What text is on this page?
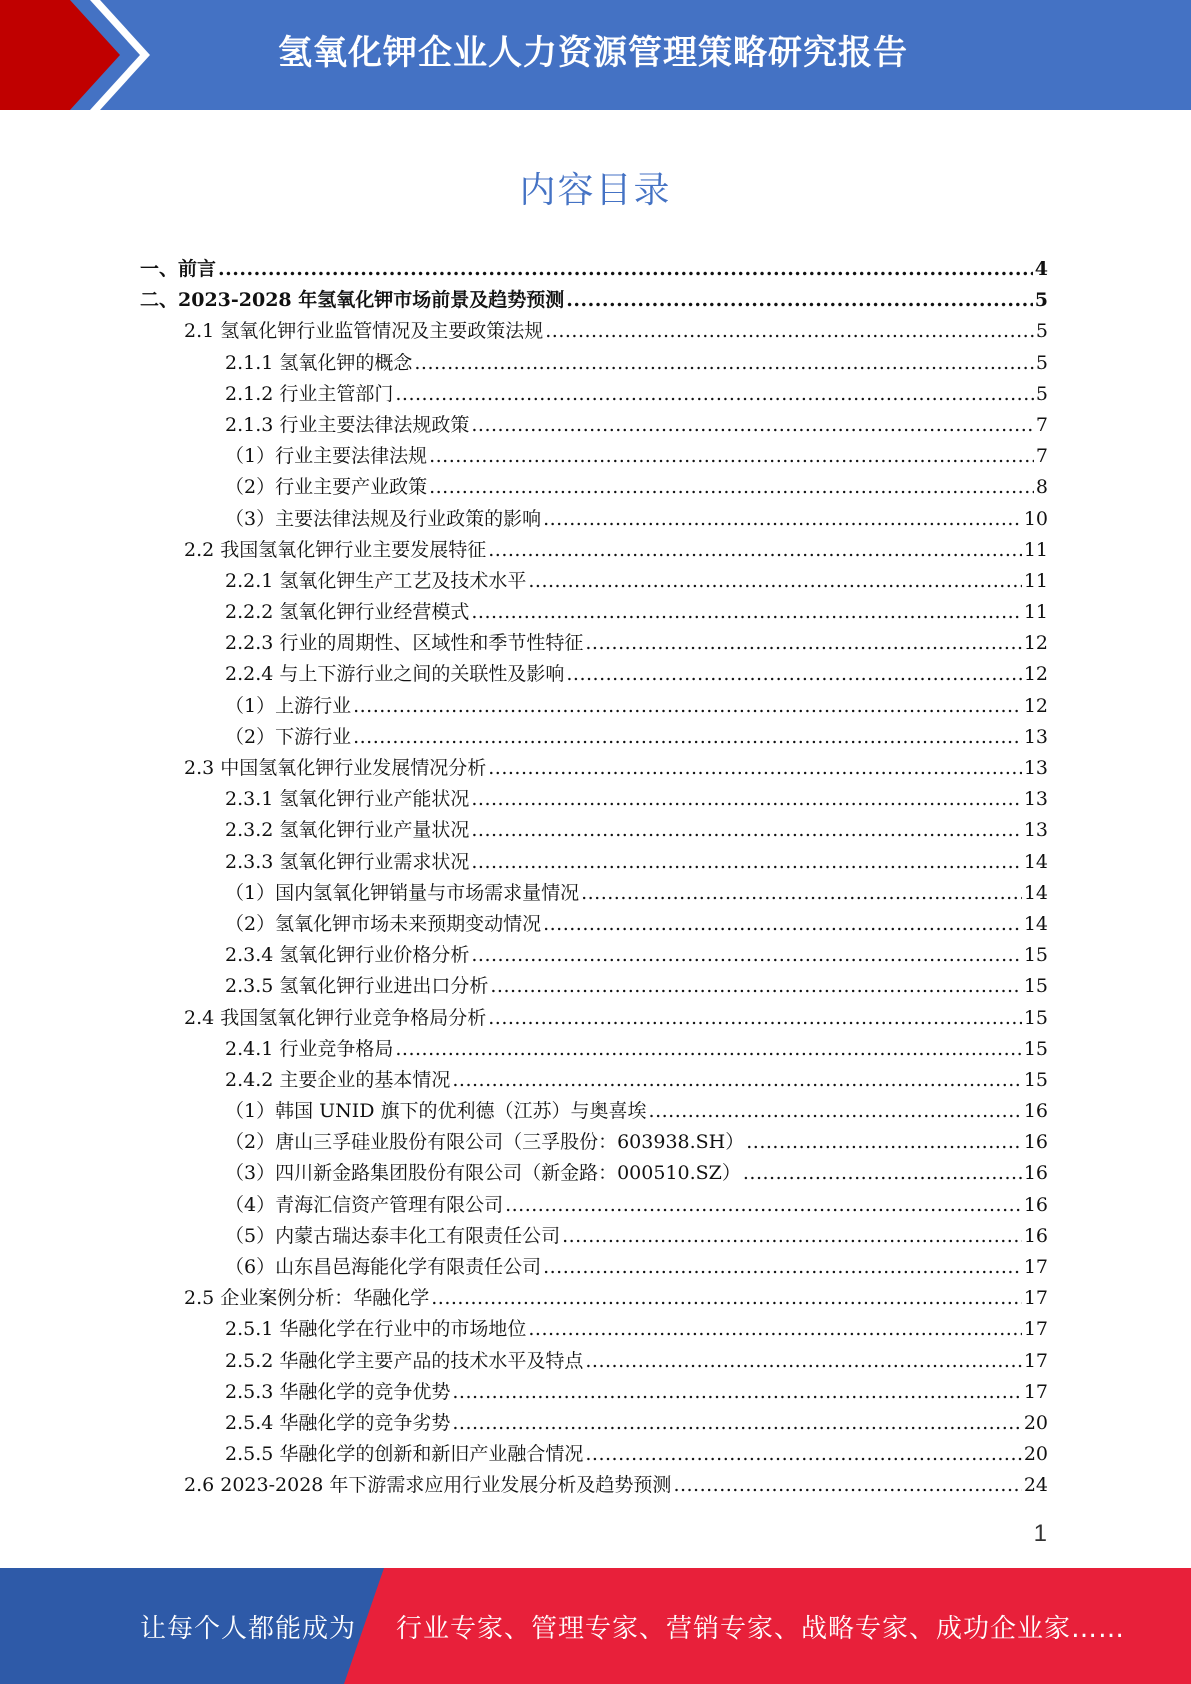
氢氧化钾企业人力资源管理策略研究报告
内容目录
一、前言 .....	4
二、2023-2028 年氢氧化钾市场前景及趋势预测 .....	5
2.1 氢氧化钾行业监管情况及主要政策法规 .....	5
2.1.1 氢氧化钾的概念 .....	5
2.1.2 行业主管部门 .....	5
2.1.3 行业主要法律法规政策 .....	7
（1）行业主要法律法规 .....	7
（2）行业主要产业政策 .....	8
（3）主要法律法规及行业政策的影响 .....	10
2.2 我国氢氧化钾行业主要发展特征 .....	11
2.2.1 氢氧化钾生产工艺及技术水平 .....	11
2.2.2 氢氧化钾行业经营模式 .....	11
2.2.3 行业的周期性、区域性和季节性特征 .....	12
2.2.4 与上下游行业之间的关联性及影响 .....	12
（1）上游行业 .....	12
（2）下游行业 .....	13
2.3 中国氢氧化钾行业发展情况分析 .....	13
2.3.1 氢氧化钾行业产能状况 .....	13
2.3.2 氢氧化钾行业产量状况 .....	13
2.3.3 氢氧化钾行业需求状况 .....	14
（1）国内氢氧化钾销量与市场需求量情况 .....	14
（2）氢氧化钾市场未来预期变动情况 .....	14
2.3.4 氢氧化钾行业价格分析 .....	15
2.3.5 氢氧化钾行业进出口分析 .....	15
2.4 我国氢氧化钾行业竞争格局分析 .....	15
2.4.1 行业竞争格局 .....	15
2.4.2 主要企业的基本情况 .....	15
（1）韩国 UNID 旗下的优利德（江苏）与奥喜埃 .....	16
（2）唐山三孚硅业股份有限公司（三孚股份：603938.SH） .....	16
（3）四川新金路集团股份有限公司（新金路：000510.SZ） .....	16
（4）青海汇信资产管理有限公司 .....	16
（5）内蒙古瑞达泰丰化工有限责任公司 .....	16
（6）山东昌邑海能化学有限责任公司 .....	17
2.5 企业案例分析：华融化学 .....	17
2.5.1 华融化学在行业中的市场地位 .....	17
2.5.2 华融化学主要产品的技术水平及特点 .....	17
2.5.3 华融化学的竞争优势 .....	17
2.5.4 华融化学的竞争劣势 .....	20
2.5.5 华融化学的创新和新旧产业融合情况 .....	20
2.6 2023-2028 年下游需求应用行业发展分析及趋势预测 .....	24
1
让每个人都能成为 行业专家、管理专家、营销专家、战略专家、成功企业家……
